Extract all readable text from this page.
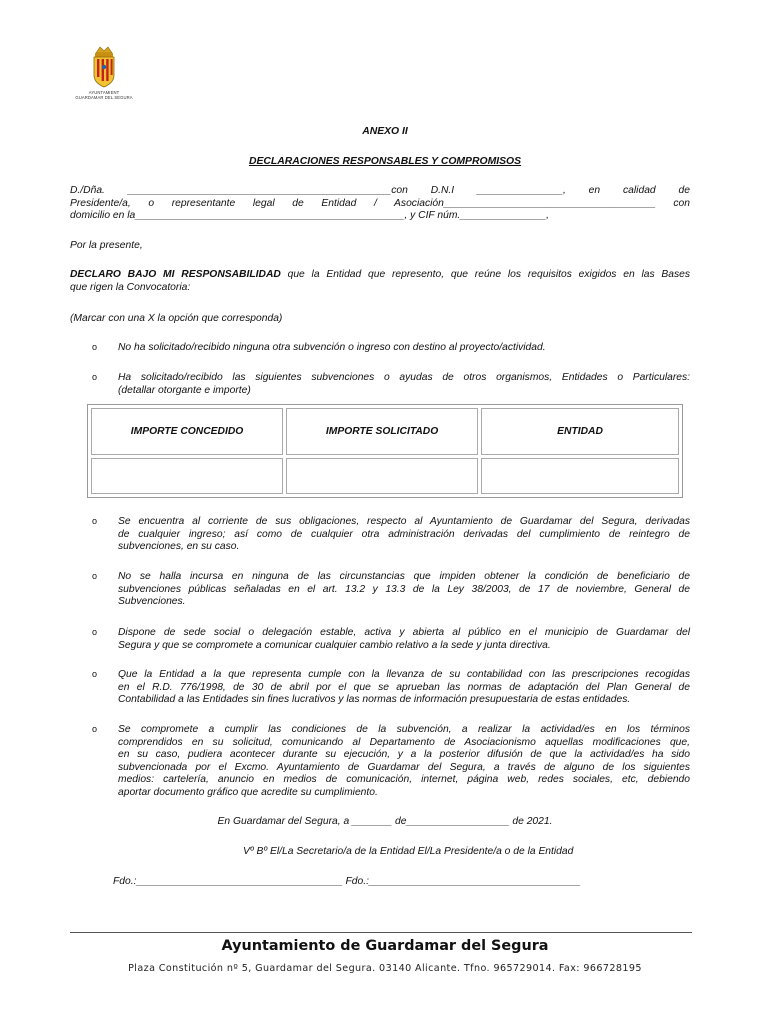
AYUNTAMIENT
GUARDAMAR DEL SEGURA
ANEXO II
DECLARACIONES RESPONSABLES Y COMPROMISOS
D./Dña. ______________________________________________con D.N.I _______________, en calidad de
Presidente/a, o representante legal de Entidad / Asociación_____________________________________ con
domicilio en la_______________________________________________, y CIF núm._______________,
Por la presente,
DECLARO BAJO MI RESPONSABILIDAD que la Entidad que represento, que reúne los requisitos exigidos en las Bases
que rigen la Convocatoria:
(Marcar con una X la opción que corresponda)
o No ha solicitado/recibido ninguna otra subvención o ingreso con destino al proyecto/actividad.
o Ha solicitado/recibido las siguientes subvenciones o ayudas de otros organismos, Entidades o Particulares:
(detallar otorgante e importe)
IMPORTE CONCEDIDO	IMPORTE SOLICITADO	ENTIDAD

o Se encuentra al corriente de sus obligaciones, respecto al Ayuntamiento de Guardamar del Segura, derivadas
de cualquier ingreso; así como de cualquier otra administración derivadas del cumplimiento de reintegro de
subvenciones, en su caso.
o No se halla incursa en ninguna de las circunstancias que impiden obtener la condición de beneficiario de
subvenciones públicas señaladas en el art. 13.2 y 13.3 de la Ley 38/2003, de 17 de noviembre, General de
Subvenciones.
o Dispone de sede social o delegación estable, activa y abierta al público en el municipio de Guardamar del
Segura y que se compromete a comunicar cualquier cambio relativo a la sede y junta directiva.
o Que la Entidad a la que representa cumple con la llevanza de su contabilidad con las prescripciones recogidas
en el R.D. 776/1998, de 30 de abril por el que se aprueban las normas de adaptación del Plan General de
Contabilidad a las Entidades sin fines lucrativos y las normas de información presupuestaria de estas entidades.
o Se compromete a cumplir las condiciones de la subvención, a realizar la actividad/es en los términos
comprendidos en su solicitud, comunicando al Departamento de Asociacionismo aquellas modificaciones que,
en su caso, pudiera acontecer durante su ejecución, y a la posterior difusión de que la actividad/es ha sido
subvencionada por el Excmo. Ayuntamiento de Guardamar del Segura, a través de alguno de los siguientes
medios: cartelería, anuncio en medios de comunicación, internet, página web, redes sociales, etc, debiendo
aportar documento gráfico que acredite su cumplimiento.
En Guardamar del Segura, a _______ de__________________ de 2021.
Vº Bº El/La Secretario/a de la Entidad El/La Presidente/a o de la Entidad
Fdo.:____________________________________ Fdo.:_____________________________________
Ayuntamiento de Guardamar del Segura
Plaza Constitución nº 5, Guardamar del Segura. 03140 Alicante. Tfno. 965729014. Fax: 966728195
